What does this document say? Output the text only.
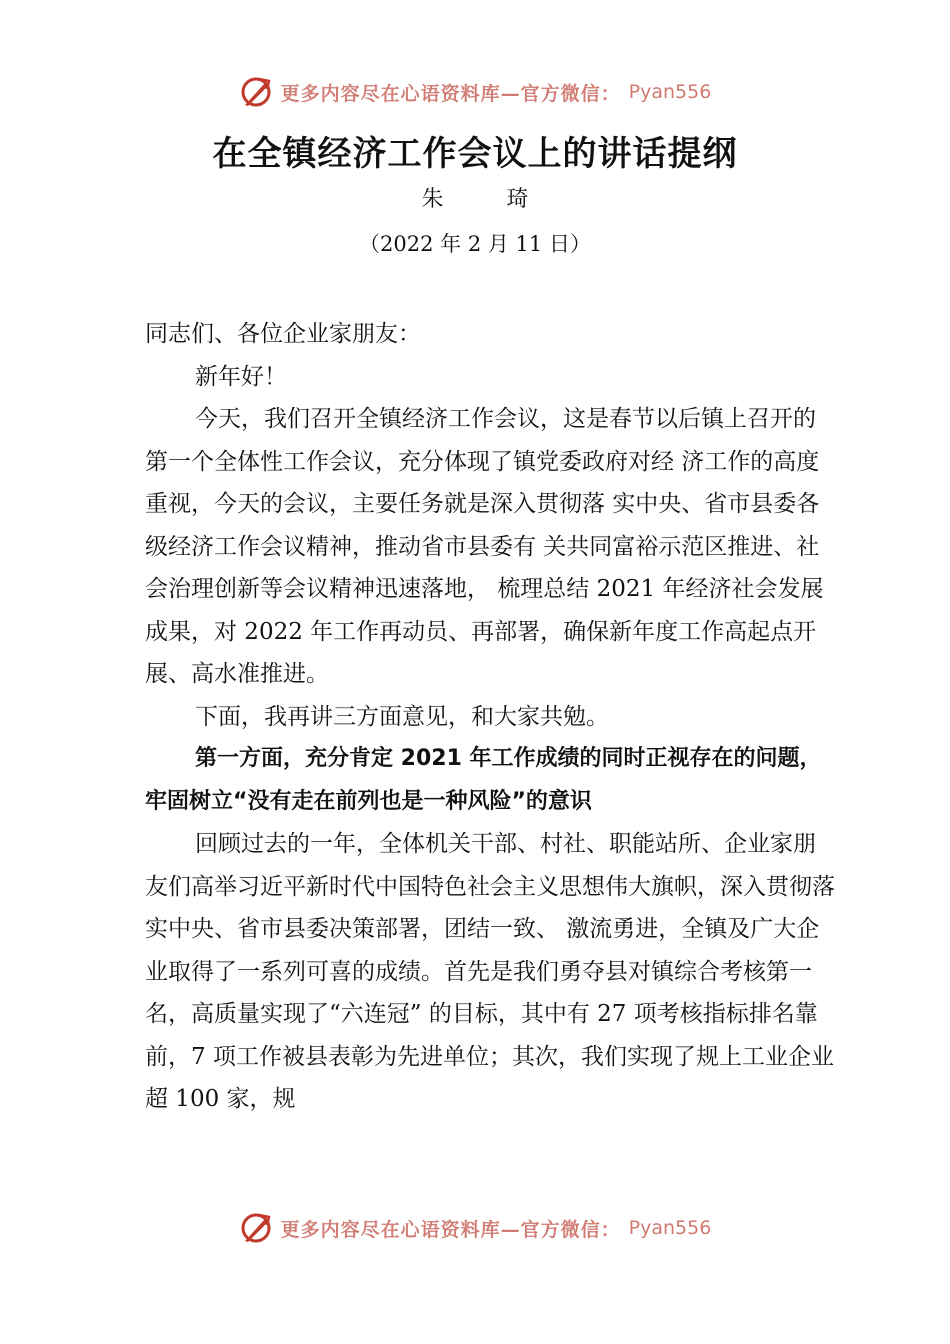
更多内容尽在心语资料库—官方微信： Pyan556
在全镇经济工作会议上的讲话提纲
朱 琦
（2022 年 2 月 11 日）

同志们、各位企业家朋友：

新年好！

今天，我们召开全镇经济工作会议，这是春节以后镇上召开的第一个全体性工作会议，充分体现了镇党委政府对经 济工作的高度重视，今天的会议，主要任务就是深入贯彻落 实中央、省市县委各级经济工作会议精神，推动省市县委有 关共同富裕示范区推进、社会治理创新等会议精神迅速落地， 梳理总结 2021 年经济社会发展成果，对 2022 年工作再动员、再部署，确保新年度工作高起点开展、高水准推进。

下面，我再讲三方面意见，和大家共勉。

第一方面，充分肯定 2021 年工作成绩的同时正视存在的问题，牢固树立“没有走在前列也是一种风险”的意识

回顾过去的一年，全体机关干部、村社、职能站所、企业家朋友们高举习近平新时代中国特色社会主义思想伟大旗帜，深入贯彻落实中央、省市县委决策部署，团结一致、 激流勇进，全镇及广大企业取得了一系列可喜的成绩。首先是我们勇夺县对镇综合考核第一名，高质量实现了“六连冠” 的目标，其中有 27 项考核指标排名靠前，7 项工作被县表彰为先进单位；其次，我们实现了规上工业企业超 100 家，规

更多内容尽在心语资料库—官方微信： Pyan556
